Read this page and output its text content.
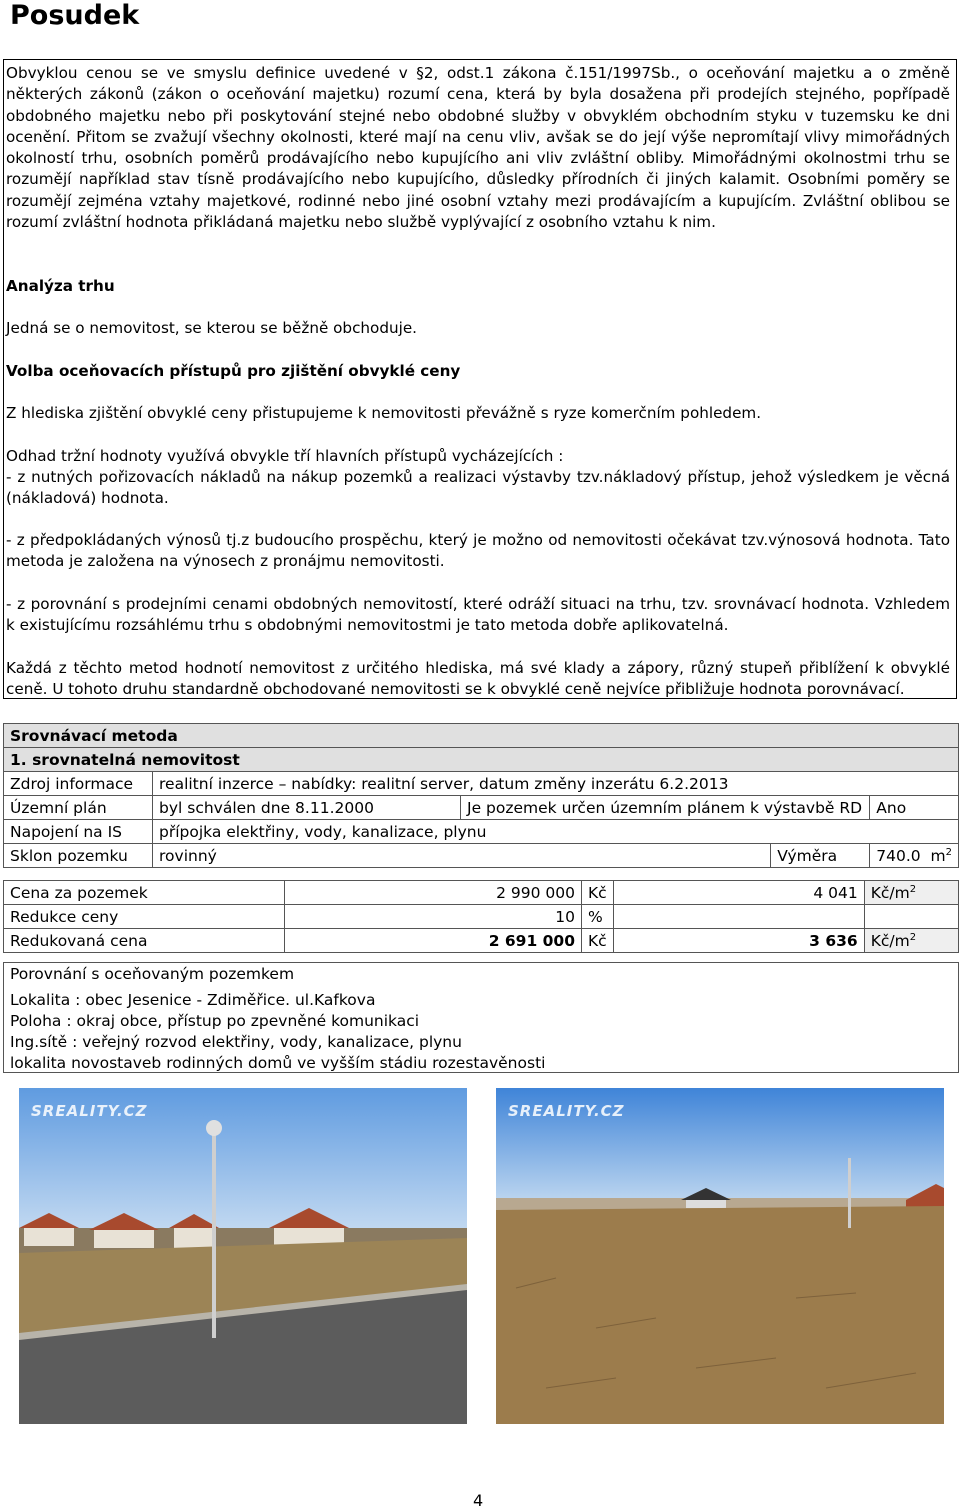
Posudek

Obvyklou cenou se ve smyslu definice uvedené v §2, odst.1 zákona č.151/1997Sb., o oceňování majetku a o změně některých zákonů (zákon o oceňování majetku) rozumí cena, která by byla dosažena při prodejích stejného, popřípadě obdobného majetku nebo při poskytování stejné nebo obdobné služby v obvyklém obchodním styku v tuzemsku ke dni ocenění. Přitom se zvažují všechny okolnosti, které mají na cenu vliv, avšak se do její výše nepromítají vlivy mimořádných okolností trhu, osobních poměrů prodávajícího nebo kupujícího ani vliv zvláštní obliby. Mimořádnými okolnostmi trhu se rozumějí například stav tísně prodávajícího nebo kupujícího, důsledky přírodních či jiných kalamit. Osobními poměry se rozumějí zejména vztahy majetkové, rodinné nebo jiné osobní vztahy mezi prodávajícím a kupujícím. Zvláštní oblibou se rozumí zvláštní hodnota přikládaná majetku nebo službě vyplývající z osobního vztahu k nim.

Analýza trhu

Jedná se o nemovitost, se kterou se běžně obchoduje.

Volba oceňovacích přístupů pro zjištění obvyklé ceny

Z hlediska zjištění obvyklé ceny přistupujeme k nemovitosti převážně s ryze komerčním pohledem.

Odhad tržní hodnoty využívá obvykle tří hlavních přístupů vycházejících :

- z nutných pořizovacích nákladů na nákup pozemků a realizaci výstavby tzv.nákladový přístup, jehož výsledkem je věcná (nákladová) hodnota.

- z předpokládaných výnosů tj.z budoucího prospěchu, který je možno od nemovitosti očekávat tzv.výnosová hodnota. Tato metoda je založena na výnosech z pronájmu nemovitosti.

- z porovnání s prodejními cenami obdobných nemovitostí, které odráží situaci na trhu, tzv. srovnávací hodnota. Vzhledem k existujícímu rozsáhlému trhu s obdobnými nemovitostmi je tato metoda dobře aplikovatelná.

Každá z těchto metod hodnotí nemovitost z určitého hlediska, má své klady a zápory, různý stupeň přiblížení k obvyklé ceně. U tohoto druhu standardně obchodované nemovitosti se k obvyklé ceně nejvíce přibližuje hodnota porovnávací.

Srovnávací metoda				
1. srovnatelná nemovitost				
Zdroj informace	realitní inzerce – nabídky: realitní server, datum změny inzerátu 6.2.2013			
Územní plán	byl schválen dne 8.11.2000	Je pozemek určen územním plánem k výstavbě RD		Ano
Napojení na IS	přípojka elektřiny, vody, kanalizace, plynu			
Sklon pozemku	rovinný		Výměra	740.0 $m^2$
Cena za pozemek	2 990 000	Kč	4 041	$Kč/m^2$
Redukce ceny	10	%		
Redukovaná cena	2 691 000	Kč	3 636	$Kč/m^2$
Porovnání s oceňovaným pozemkem
Lokalita : obec Jesenice - Zdiměřice. ul.Kafkova
Poloha : okraj obce, přístup po zpevněné komunikaci
Ing.sítě : veřejný rozvod elektřiny, vody, kanalizace, plynu
lokalita novostaveb rodinných domů ve vyšším stádiu rozestavěnosti
SREALITY.CZ	SREALITY.CZ
4
